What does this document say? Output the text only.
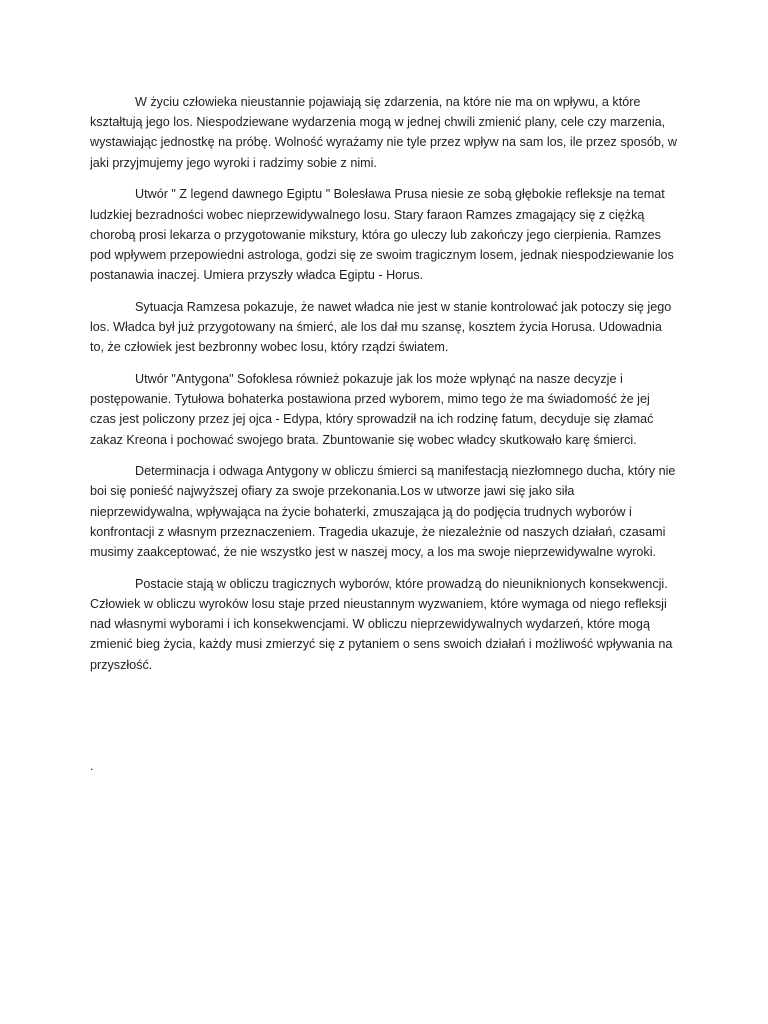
W życiu człowieka nieustannie pojawiają się zdarzenia, na które nie ma on wpływu, a które kształtują jego los. Niespodziewane wydarzenia mogą w jednej chwili zmienić plany, cele czy marzenia, wystawiając jednostkę na próbę. Wolność wyrażamy nie tyle przez wpływ na sam los, ile przez sposób, w jaki przyjmujemy jego wyroki i radzimy sobie z nimi.

Utwór " Z legend dawnego Egiptu " Bolesława Prusa niesie ze sobą głębokie refleksje na temat ludzkiej bezradności wobec nieprzewidywalnego losu. Stary faraon Ramzes zmagający się z ciężką chorobą prosi lekarza o przygotowanie mikstury, która go uleczy lub zakończy jego cierpienia. Ramzes pod wpływem przepowiedni astrologa, godzi się ze swoim tragicznym losem, jednak niespodziewanie los postanawia inaczej. Umiera przyszły władca Egiptu - Horus.

Sytuacja Ramzesa pokazuje, że nawet władca nie jest w stanie kontrolować jak potoczy się jego los. Władca był już przygotowany na śmierć, ale los dał mu szansę, kosztem życia Horusa. Udowadnia to, że człowiek jest bezbronny wobec losu, który rządzi światem.

Utwór "Antygona" Sofoklesa również pokazuje jak los może wpłynąć na nasze decyzje i postępowanie. Tytułowa bohaterka postawiona przed wyborem, mimo tego że ma świadomość że jej czas jest policzony przez jej ojca - Edypa, który sprowadził na ich rodzinę fatum, decyduje się złamać zakaz Kreona i pochować swojego brata. Zbuntowanie się wobec władcy skutkowało karę śmierci.

Determinacja i odwaga Antygony w obliczu śmierci są manifestacją niezłomnego ducha, który nie boi się ponieść najwyższej ofiary za swoje przekonania.Los w utworze jawi się jako siła nieprzewidywalna, wpływająca na życie bohaterki, zmuszająca ją do podjęcia trudnych wyborów i konfrontacji z własnym przeznaczeniem. Tragedia ukazuje, że niezależnie od naszych działań, czasami musimy zaakceptować, że nie wszystko jest w naszej mocy, a los ma swoje nieprzewidywalne wyroki.

Postacie stają w obliczu tragicznych wyborów, które prowadzą do nieuniknionych konsekwencji. Człowiek w obliczu wyroków losu staje przed nieustannym wyzwaniem, które wymaga od niego refleksji nad własnymi wyborami i ich konsekwencjami. W obliczu nieprzewidywalnych wydarzeń, które mogą zmienić bieg życia, każdy musi zmierzyć się z pytaniem o sens swoich działań i możliwość wpływania na przyszłość.

.
